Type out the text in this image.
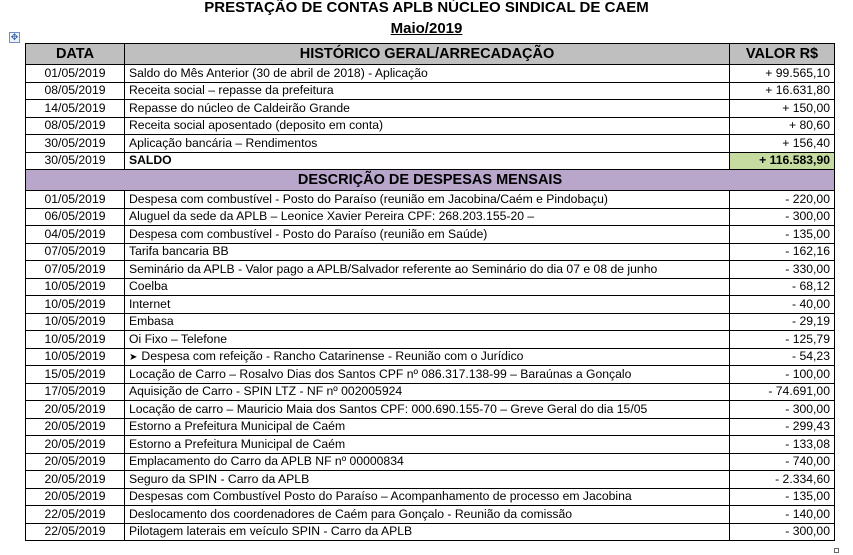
PRESTAÇÃO DE CONTAS APLB NÚCLEO SINDICAL DE CAEM
Maio/2019
✥
DATA	HISTÓRICO GERAL/ARRECADAÇÃO	VALOR R$
01/05/2019	Saldo do Mês Anterior (30 de abril de 2018) - Aplicação	+ 99.565,10
08/05/2019	Receita social – repasse da prefeitura	+ 16.631,80
14/05/2019	Repasse do núcleo de Caldeirão Grande	+ 150,00
08/05/2019	Receita social aposentado (deposito em conta)	+ 80,60
30/05/2019	Aplicação bancária – Rendimentos	+ 156,40
30/05/2019	SALDO	+ 116.583,90
DESCRIÇÃO DE DESPESAS MENSAIS		
01/05/2019	Despesa com combustível - Posto do Paraíso (reunião em Jacobina/Caém e Pindobaçu)	- 220,00
06/05/2019	Aluguel da sede da APLB – Leonice Xavier Pereira CPF: 268.203.155-20 –	- 300,00
04/05/2019	Despesa com combustível - Posto do Paraíso (reunião em Saúde)	- 135,00
07/05/2019	Tarifa bancaria BB	- 162,16
07/05/2019	Seminário da APLB - Valor pago a APLB/Salvador referente ao Seminário do dia 07 e 08 de junho	- 330,00
10/05/2019	Coelba	- 68,12
10/05/2019	Internet	- 40,00
10/05/2019	Embasa	- 29,19
10/05/2019	Oi Fixo – Telefone	- 125,79
10/05/2019	➤ Despesa com refeição - Rancho Catarinense - Reunião com o Jurídico	- 54,23
15/05/2019	Locação de Carro – Rosalvo Dias dos Santos CPF nº 086.317.138-99 – Baraúnas a Gonçalo	- 100,00
17/05/2019	Aquisição de Carro - SPIN LTZ - NF nº 002005924	- 74.691,00
20/05/2019	Locação de carro – Mauricio Maia dos Santos CPF: 000.690.155-70 – Greve Geral do dia 15/05	- 300,00
20/05/2019	Estorno a Prefeitura Municipal de Caém	- 299,43
20/05/2019	Estorno a Prefeitura Municipal de Caém	- 133,08
20/05/2019	Emplacamento do Carro da APLB NF nº 00000834	- 740,00
20/05/2019	Seguro da SPIN - Carro da APLB	- 2.334,60
20/05/2019	Despesas com Combustível Posto do Paraíso – Acompanhamento de processo em Jacobina	- 135,00
22/05/2019	Deslocamento dos coordenadores de Caém para Gonçalo - Reunião da comissão	- 140,00
22/05/2019	Pilotagem laterais em veículo SPIN - Carro da APLB	- 300,00
